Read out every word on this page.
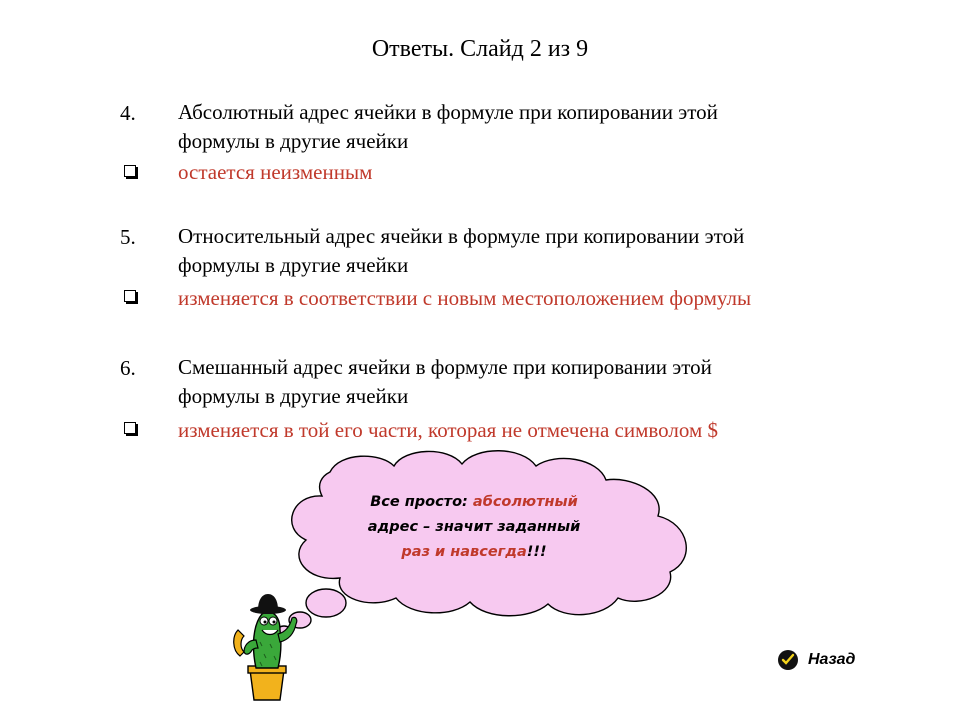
Ответы. Слайд 2 из 9
4.	Абсолютный адрес ячейки в формуле при копировании этой
формулы в другие ячейки
остается неизменным
5.	Относительный адрес ячейки в формуле при копировании этой
формулы в другие ячейки
изменяется в соответствии с новым местоположением формулы
6.	Смешанный адрес ячейки в формуле при копировании этой
формулы в другие ячейки
изменяется в той его части, которая не отмечена символом $
Все просто: абсолютный
адрес – значит заданный
раз и навсегда!!!
Назад
